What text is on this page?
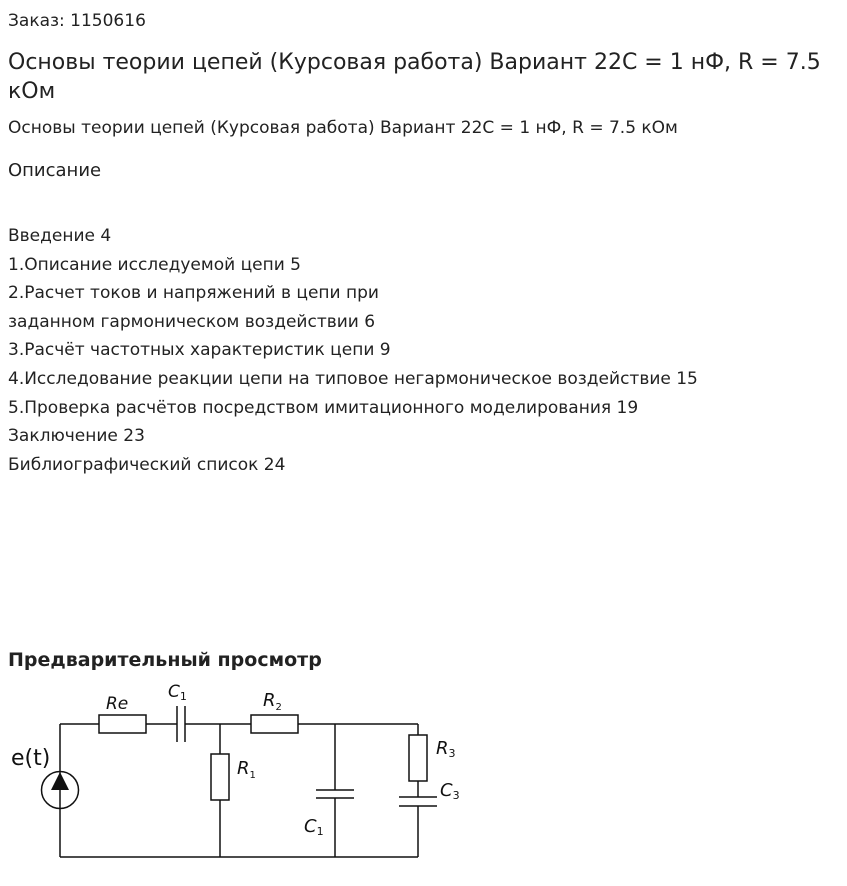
Заказ: 1150616
Основы теории цепей (Курсовая работа) Вариант 22С = 1 нФ, R = 7.5 кОм
Основы теории цепей (Курсовая работа) Вариант 22С = 1 нФ, R = 7.5 кОм
Описание
Введение 4
1.Описание исследуемой цепи 5
2.Расчет токов и напряжений в цепи при
заданном гармоническом воздействии 6
3.Расчёт частотных характеристик цепи 9
4.Исследование реакции цепи на типовое негармоническое воздействие 15
5.Проверка расчётов посредством имитационного моделирования 19
Заключение 23
Библиографический список 24
Предварительный просмотр
e(t)
Re
C1	$R_2$
$R_1$
C1
R3
C3
